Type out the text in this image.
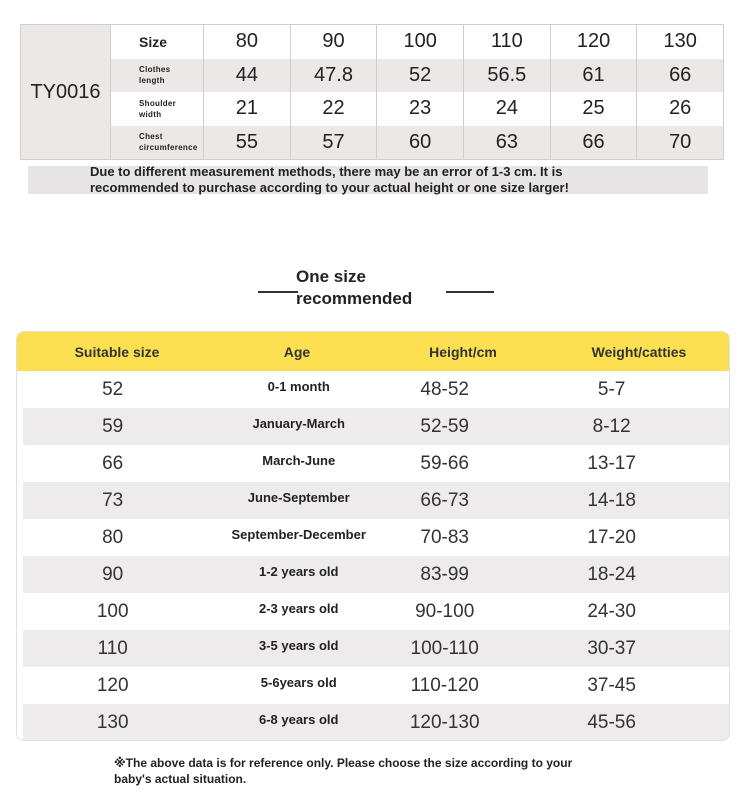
TY0016
Size	80	90	100	110	120	130
Clothes
length	44	47.8	52	56.5	61	66
Shoulder
width	21	22	23	24	25	26
Chest
circumference	55	57	60	63	66	70
Due to different measurement methods, there may be an error of 1-3 cm. It is
recommended to purchase according to your actual height or one size larger!
One size
recommended
Suitable size	Age	Height/cm	Weight/catties
52	0-1 month	48-52	5-7
59	January-March	52-59	8-12
66	March-June	59-66	13-17
73	June-September	66-73	14-18
80	September-December	70-83	17-20
90	1-2 years old	83-99	18-24
100	2-3 years old	90-100	24-30
110	3-5 years old	100-110	30-37
120	5-6years old	110-120	37-45
130	6-8 years old	120-130	45-56
※The above data is for reference only. Please choose the size according to your
baby's actual situation.
